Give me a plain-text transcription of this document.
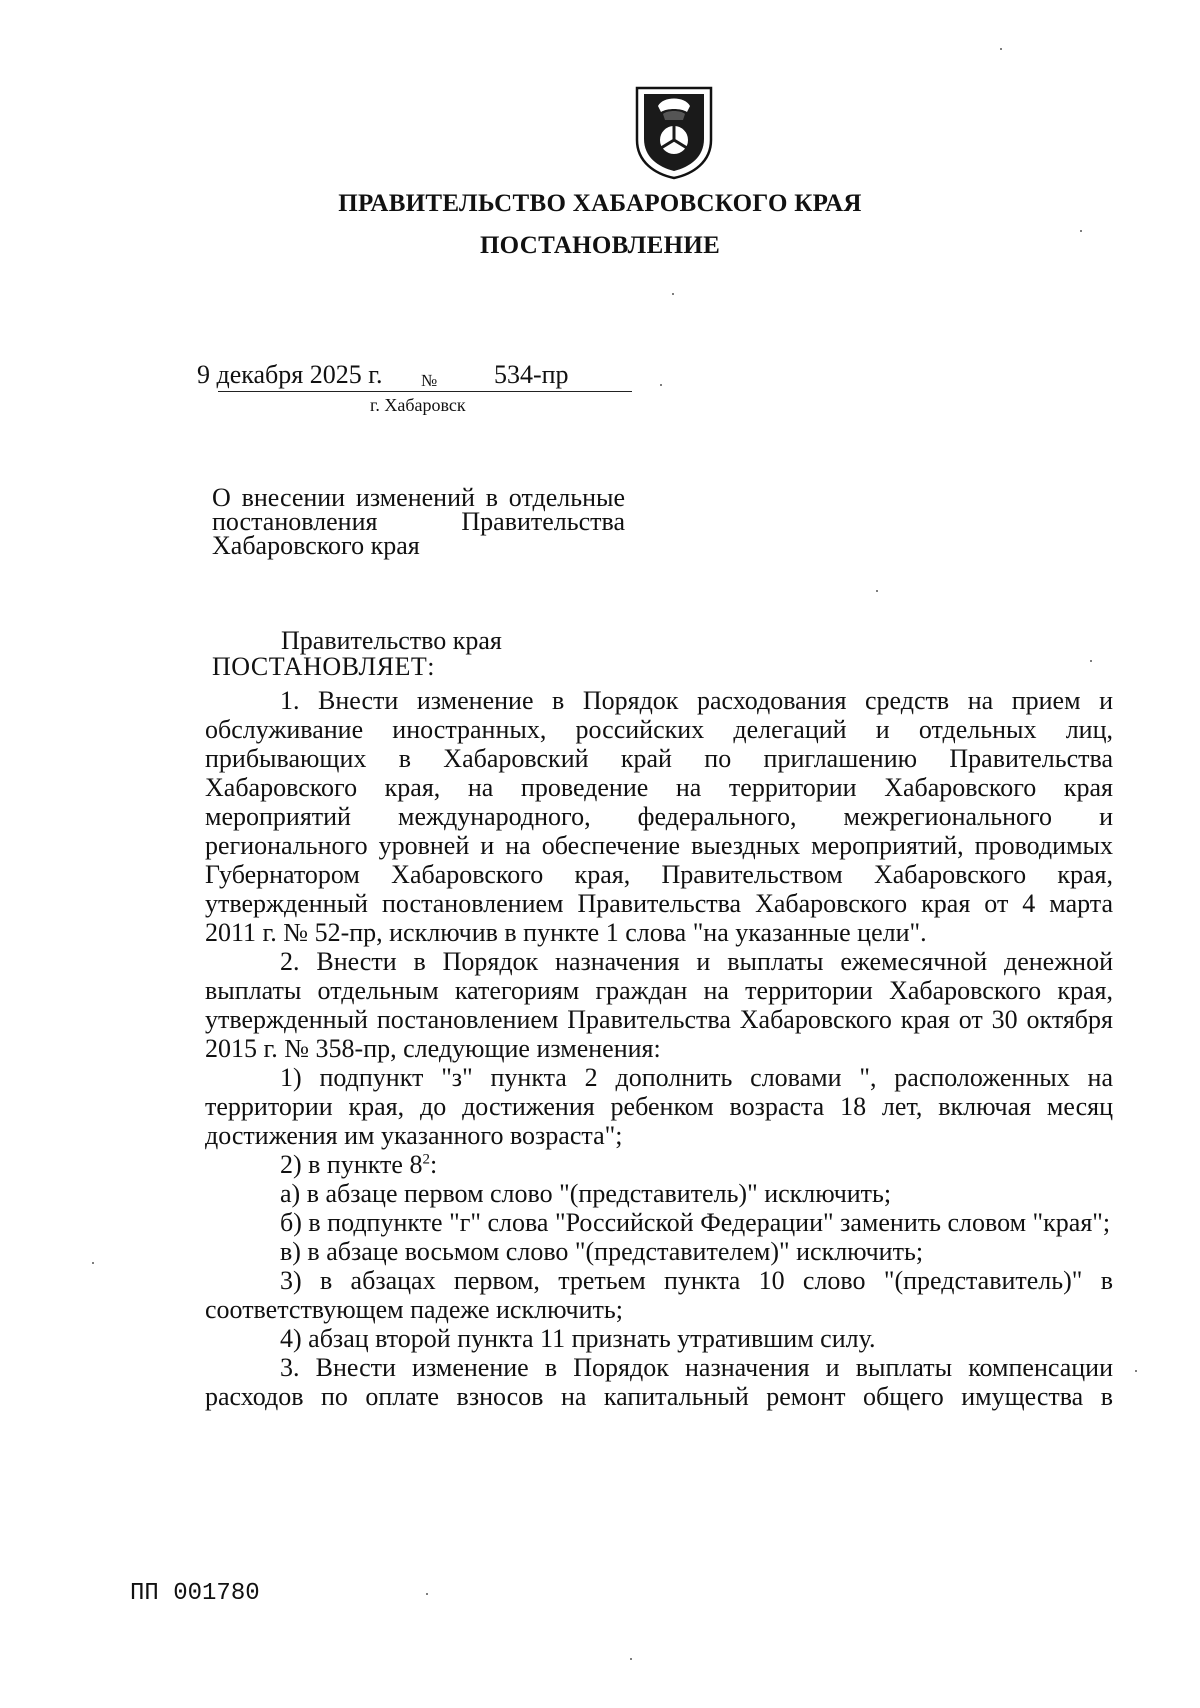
ПРАВИТЕЛЬСТВО ХАБАРОВСКОГО КРАЯ
ПОСТАНОВЛЕНИЕ
9 декабря 2025 г. № 534-пр
г. Хабаровск
О внесении изменений в отдельные
постановления Правительства
Хабаровского края
Правительство края
ПОСТАНОВЛЯЕТ:

1. Внести изменение в Порядок расходования средств на прием и обслуживание иностранных, российских делегаций и отдельных лиц, прибывающих в Хабаровский край по приглашению Правительства Хабаровского края, на проведение на территории Хабаровского края мероприятий международного, федерального, межрегионального и регионального уровней и на обеспечение выездных мероприятий, проводимых Губернатором Хабаровского края, Правительством Хабаровского края, утвержденный постановлением Правительства Хабаровского края от 4 марта 2011 г. № 52-пр, исключив в пункте 1 слова "на указанные цели".

2. Внести в Порядок назначения и выплаты ежемесячной денежной выплаты отдельным категориям граждан на территории Хабаровского края, утвержденный постановлением Правительства Хабаровского края от 30 октября 2015 г. № 358-пр, следующие изменения:

1) подпункт "з" пункта 2 дополнить словами ", расположенных на территории края, до достижения ребенком возраста 18 лет, включая месяц достижения им указанного возраста";

2) в пункте $8^2$:

а) в абзаце первом слово "(представитель)" исключить;

б) в подпункте "г" слова "Российской Федерации" заменить словом "края";

в) в абзаце восьмом слово "(представителем)" исключить;

3) в абзацах первом, третьем пункта 10 слово "(представитель)" в соответствующем падеже исключить;

4) абзац второй пункта 11 признать утратившим силу.

3. Внести изменение в Порядок назначения и выплаты компенсации расходов по оплате взносов на капитальный ремонт общего имущества в

ПП 001780
